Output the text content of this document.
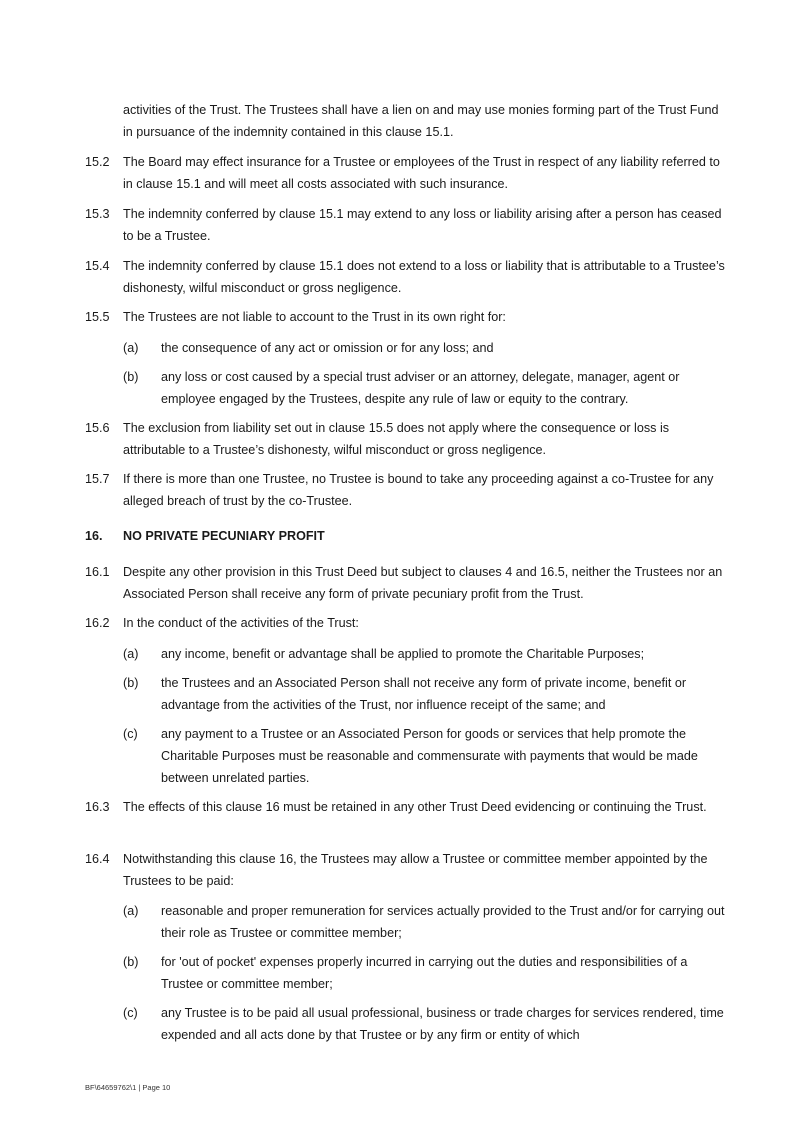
activities of the Trust. The Trustees shall have a lien on and may use monies forming part of the Trust Fund in pursuance of the indemnity contained in this clause 15.1.
15.2 The Board may effect insurance for a Trustee or employees of the Trust in respect of any liability referred to in clause 15.1 and will meet all costs associated with such insurance.
15.3 The indemnity conferred by clause 15.1 may extend to any loss or liability arising after a person has ceased to be a Trustee.
15.4 The indemnity conferred by clause 15.1 does not extend to a loss or liability that is attributable to a Trustee’s dishonesty, wilful misconduct or gross negligence.
15.5 The Trustees are not liable to account to the Trust in its own right for:
(a) the consequence of any act or omission or for any loss; and
(b) any loss or cost caused by a special trust adviser or an attorney, delegate, manager, agent or employee engaged by the Trustees, despite any rule of law or equity to the contrary.
15.6 The exclusion from liability set out in clause 15.5 does not apply where the consequence or loss is attributable to a Trustee’s dishonesty, wilful misconduct or gross negligence.
15.7 If there is more than one Trustee, no Trustee is bound to take any proceeding against a co-Trustee for any alleged breach of trust by the co-Trustee.
16. NO PRIVATE PECUNIARY PROFIT
16.1 Despite any other provision in this Trust Deed but subject to clauses 4 and 16.5, neither the Trustees nor an Associated Person shall receive any form of private pecuniary profit from the Trust.
16.2 In the conduct of the activities of the Trust:
(a) any income, benefit or advantage shall be applied to promote the Charitable Purposes;
(b) the Trustees and an Associated Person shall not receive any form of private income, benefit or advantage from the activities of the Trust, nor influence receipt of the same; and
(c) any payment to a Trustee or an Associated Person for goods or services that help promote the Charitable Purposes must be reasonable and commensurate with payments that would be made between unrelated parties.
16.3 The effects of this clause 16 must be retained in any other Trust Deed evidencing or continuing the Trust.
16.4 Notwithstanding this clause 16, the Trustees may allow a Trustee or committee member appointed by the Trustees to be paid:
(a) reasonable and proper remuneration for services actually provided to the Trust and/or for carrying out their role as Trustee or committee member;
(b) for 'out of pocket' expenses properly incurred in carrying out the duties and responsibilities of a Trustee or committee member;
(c) any Trustee is to be paid all usual professional, business or trade charges for services rendered, time expended and all acts done by that Trustee or by any firm or entity of which
BF\64659762\1 | Page 10
